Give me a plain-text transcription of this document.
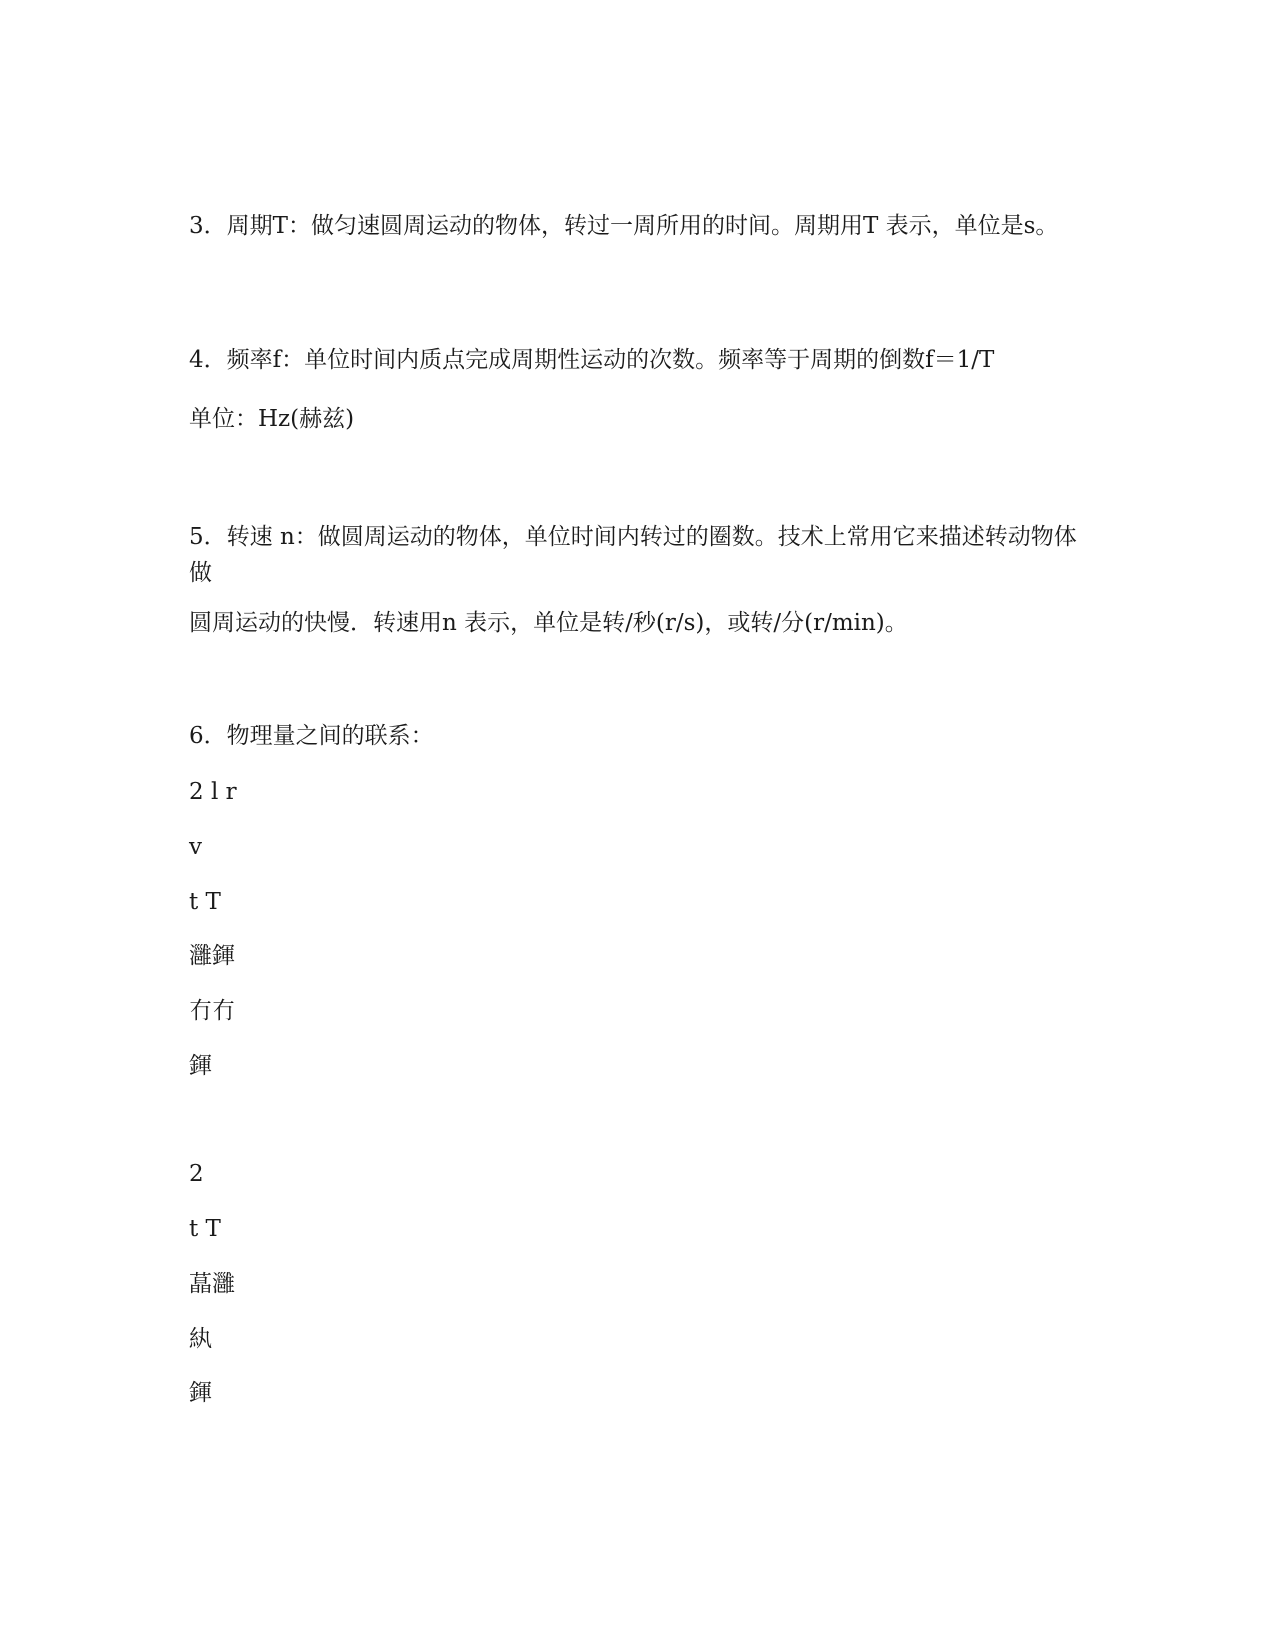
3．周期T：做匀速圆周运动的物体，转过一周所用的时间。周期用T 表示，单位是s。
4．频率f：单位时间内质点完成周期性运动的次数。频率等于周期的倒数f＝1/T
单位：Hz(赫兹)
5．转速 n：做圆周运动的物体，单位时间内转过的圈数。技术上常用它来描述转动物体做
圆周运动的快慢．转速用n 表示，单位是转/秒(r/s)，或转/分(r/min)。
6．物理量之间的联系：
2 l r
v
t T
灉鍕
冇冇
鍕
2
t T
蕌灉
紈
鍕
